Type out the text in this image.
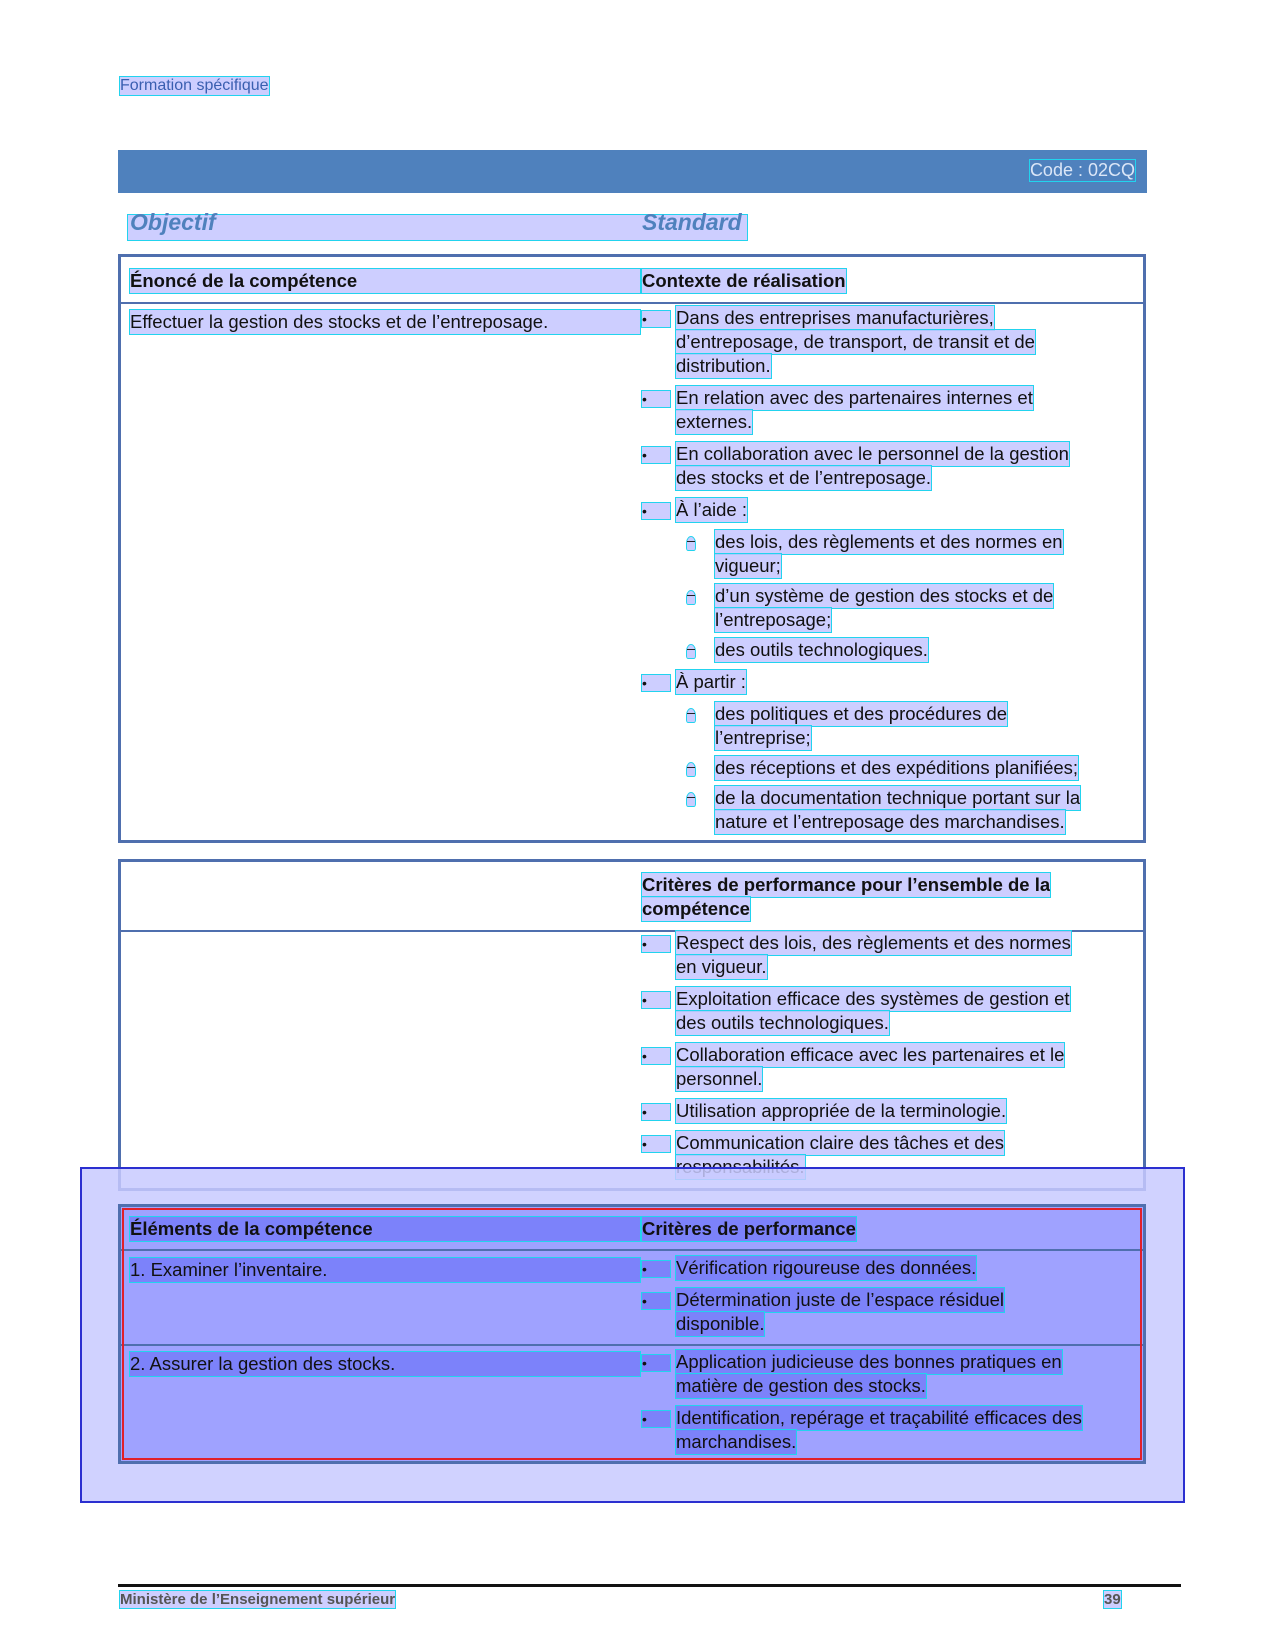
Formation spécifique
Code : 02CQ
Objectif	Standard
Énoncé de la compétence	Contexte de réalisation
Effectuer la gestion des stocks et de l’entreposage.	•	Dans des entreprises manufacturières,
d’entreposage, de transport, de transit et de
distribution.
•	En relation avec des partenaires internes et
externes.
•	En collaboration avec le personnel de la gestion
des stocks et de l’entreposage.
•	À l’aide :
des lois, des règlements et des normes en
vigueur;
d’un système de gestion des stocks et de
l’entreposage;
des outils technologiques.
•	À partir :
des politiques et des procédures de
l’entreprise;
des réceptions et des expéditions planifiées;
de la documentation technique portant sur la
nature et l’entreposage des marchandises.
Critères de performance pour l’ensemble de la
compétence
•	Respect des lois, des règlements et des normes
en vigueur.
•	Exploitation efficace des systèmes de gestion et
des outils technologiques.
•	Collaboration efficace avec les partenaires et le
personnel.
•	Utilisation appropriée de la terminologie.
•	Communication claire des tâches et des
Éléments de la compétence	Critères de performance
1. Examiner l’inventaire.	•	Vérification rigoureuse des données.
•	Détermination juste de l’espace résiduel
disponible.
2. Assurer la gestion des stocks.	•	Application judicieuse des bonnes pratiques en
matière de gestion des stocks.
•	Identification, repérage et traçabilité efficaces des
marchandises.
Ministère de l’Enseignement supérieur	39
